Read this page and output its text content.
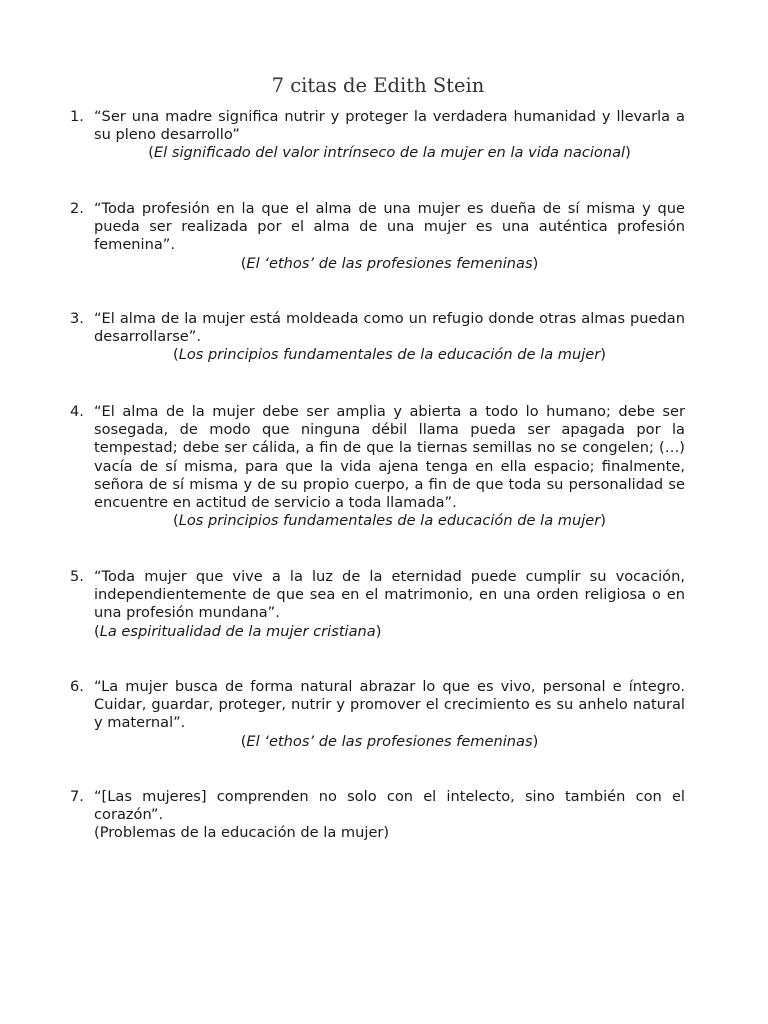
7 citas de Edith Stein
1. “Ser una madre significa nutrir y proteger la verdadera humanidad y llevarla a su pleno desarrollo”
(El significado del valor intrínseco de la mujer en la vida nacional)
2. “Toda profesión en la que el alma de una mujer es dueña de sí misma y que pueda ser realizada por el alma de una mujer es una auténtica profesión femenina”.
(El ‘ethos’ de las profesiones femeninas)
3. “El alma de la mujer está moldeada como un refugio donde otras almas puedan desarrollarse”.
(Los principios fundamentales de la educación de la mujer)
4. “El alma de la mujer debe ser amplia y abierta a todo lo humano; debe ser sosegada, de modo que ninguna débil llama pueda ser apagada por la tempestad; debe ser cálida, a fin de que la tiernas semillas no se congelen; (…) vacía de sí misma, para que la vida ajena tenga en ella espacio; finalmente, señora de sí misma y de su propio cuerpo, a fin de que toda su personalidad se encuentre en actitud de servicio a toda llamada”.
(Los principios fundamentales de la educación de la mujer)
5. “Toda mujer que vive a la luz de la eternidad puede cumplir su vocación, independientemente de que sea en el matrimonio, en una orden religiosa o en una profesión mundana”.
(La espiritualidad de la mujer cristiana)
6. “La mujer busca de forma natural abrazar lo que es vivo, personal e íntegro. Cuidar, guardar, proteger, nutrir y promover el crecimiento es su anhelo natural y maternal”.
(El ‘ethos’ de las profesiones femeninas)
7. “[Las mujeres] comprenden no solo con el intelecto, sino también con el corazón”.
(Problemas de la educación de la mujer)
